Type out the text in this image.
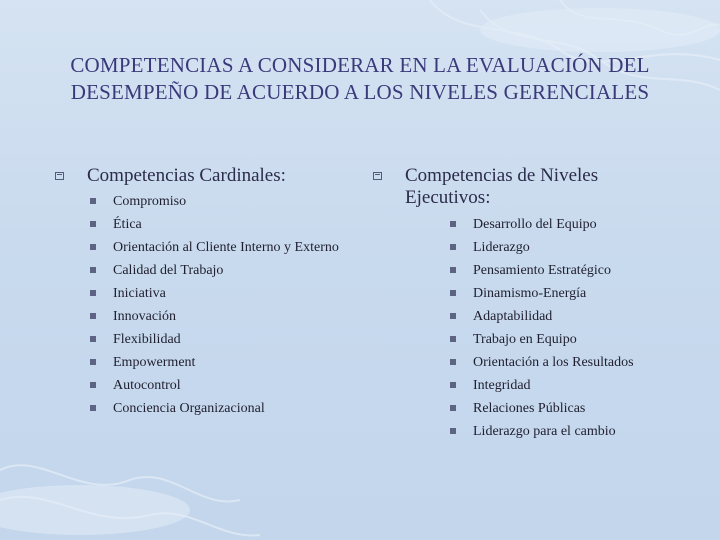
COMPETENCIAS A CONSIDERAR EN LA EVALUACIÓN DEL
DESEMPEÑO DE ACUERDO A LOS NIVELES GERENCIALES
Competencias Cardinales:
Compromiso
Ética
Orientación al Cliente Interno y Externo
Calidad del Trabajo
Iniciativa
Innovación
Flexibilidad
Empowerment
Autocontrol
Conciencia Organizacional
Competencias de Niveles Ejecutivos:
Desarrollo del Equipo
Liderazgo
Pensamiento Estratégico
Dinamismo-Energía
Adaptabilidad
Trabajo en Equipo
Orientación a los Resultados
Integridad
Relaciones Públicas
Liderazgo para el cambio
